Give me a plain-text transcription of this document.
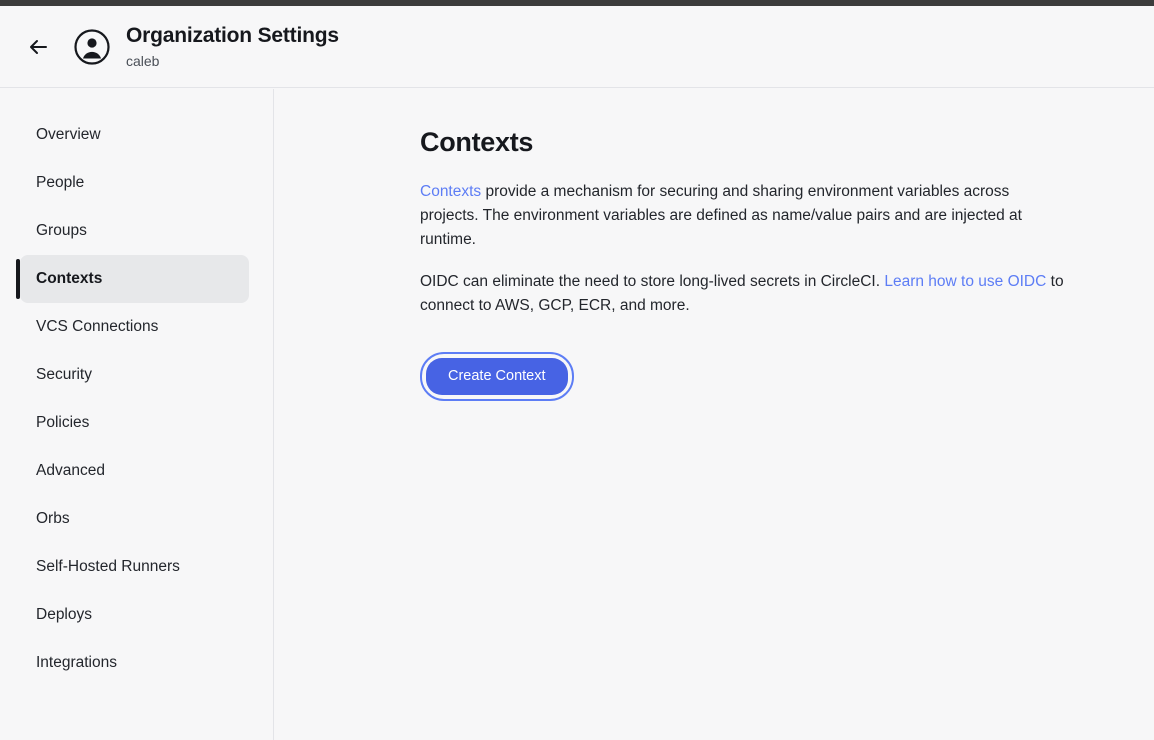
Organization Settings
caleb
Overview
People
Groups
Contexts
VCS Connections
Security
Policies
Advanced
Orbs
Self-Hosted Runners
Deploys
Integrations
Contexts

Contexts provide a mechanism for securing and sharing environment variables across projects. The environment variables are defined as name/value pairs and are injected at runtime.

OIDC can eliminate the need to store long-lived secrets in CircleCI. Learn how to use OIDC to connect to AWS, GCP, ECR, and more.

Create Context
